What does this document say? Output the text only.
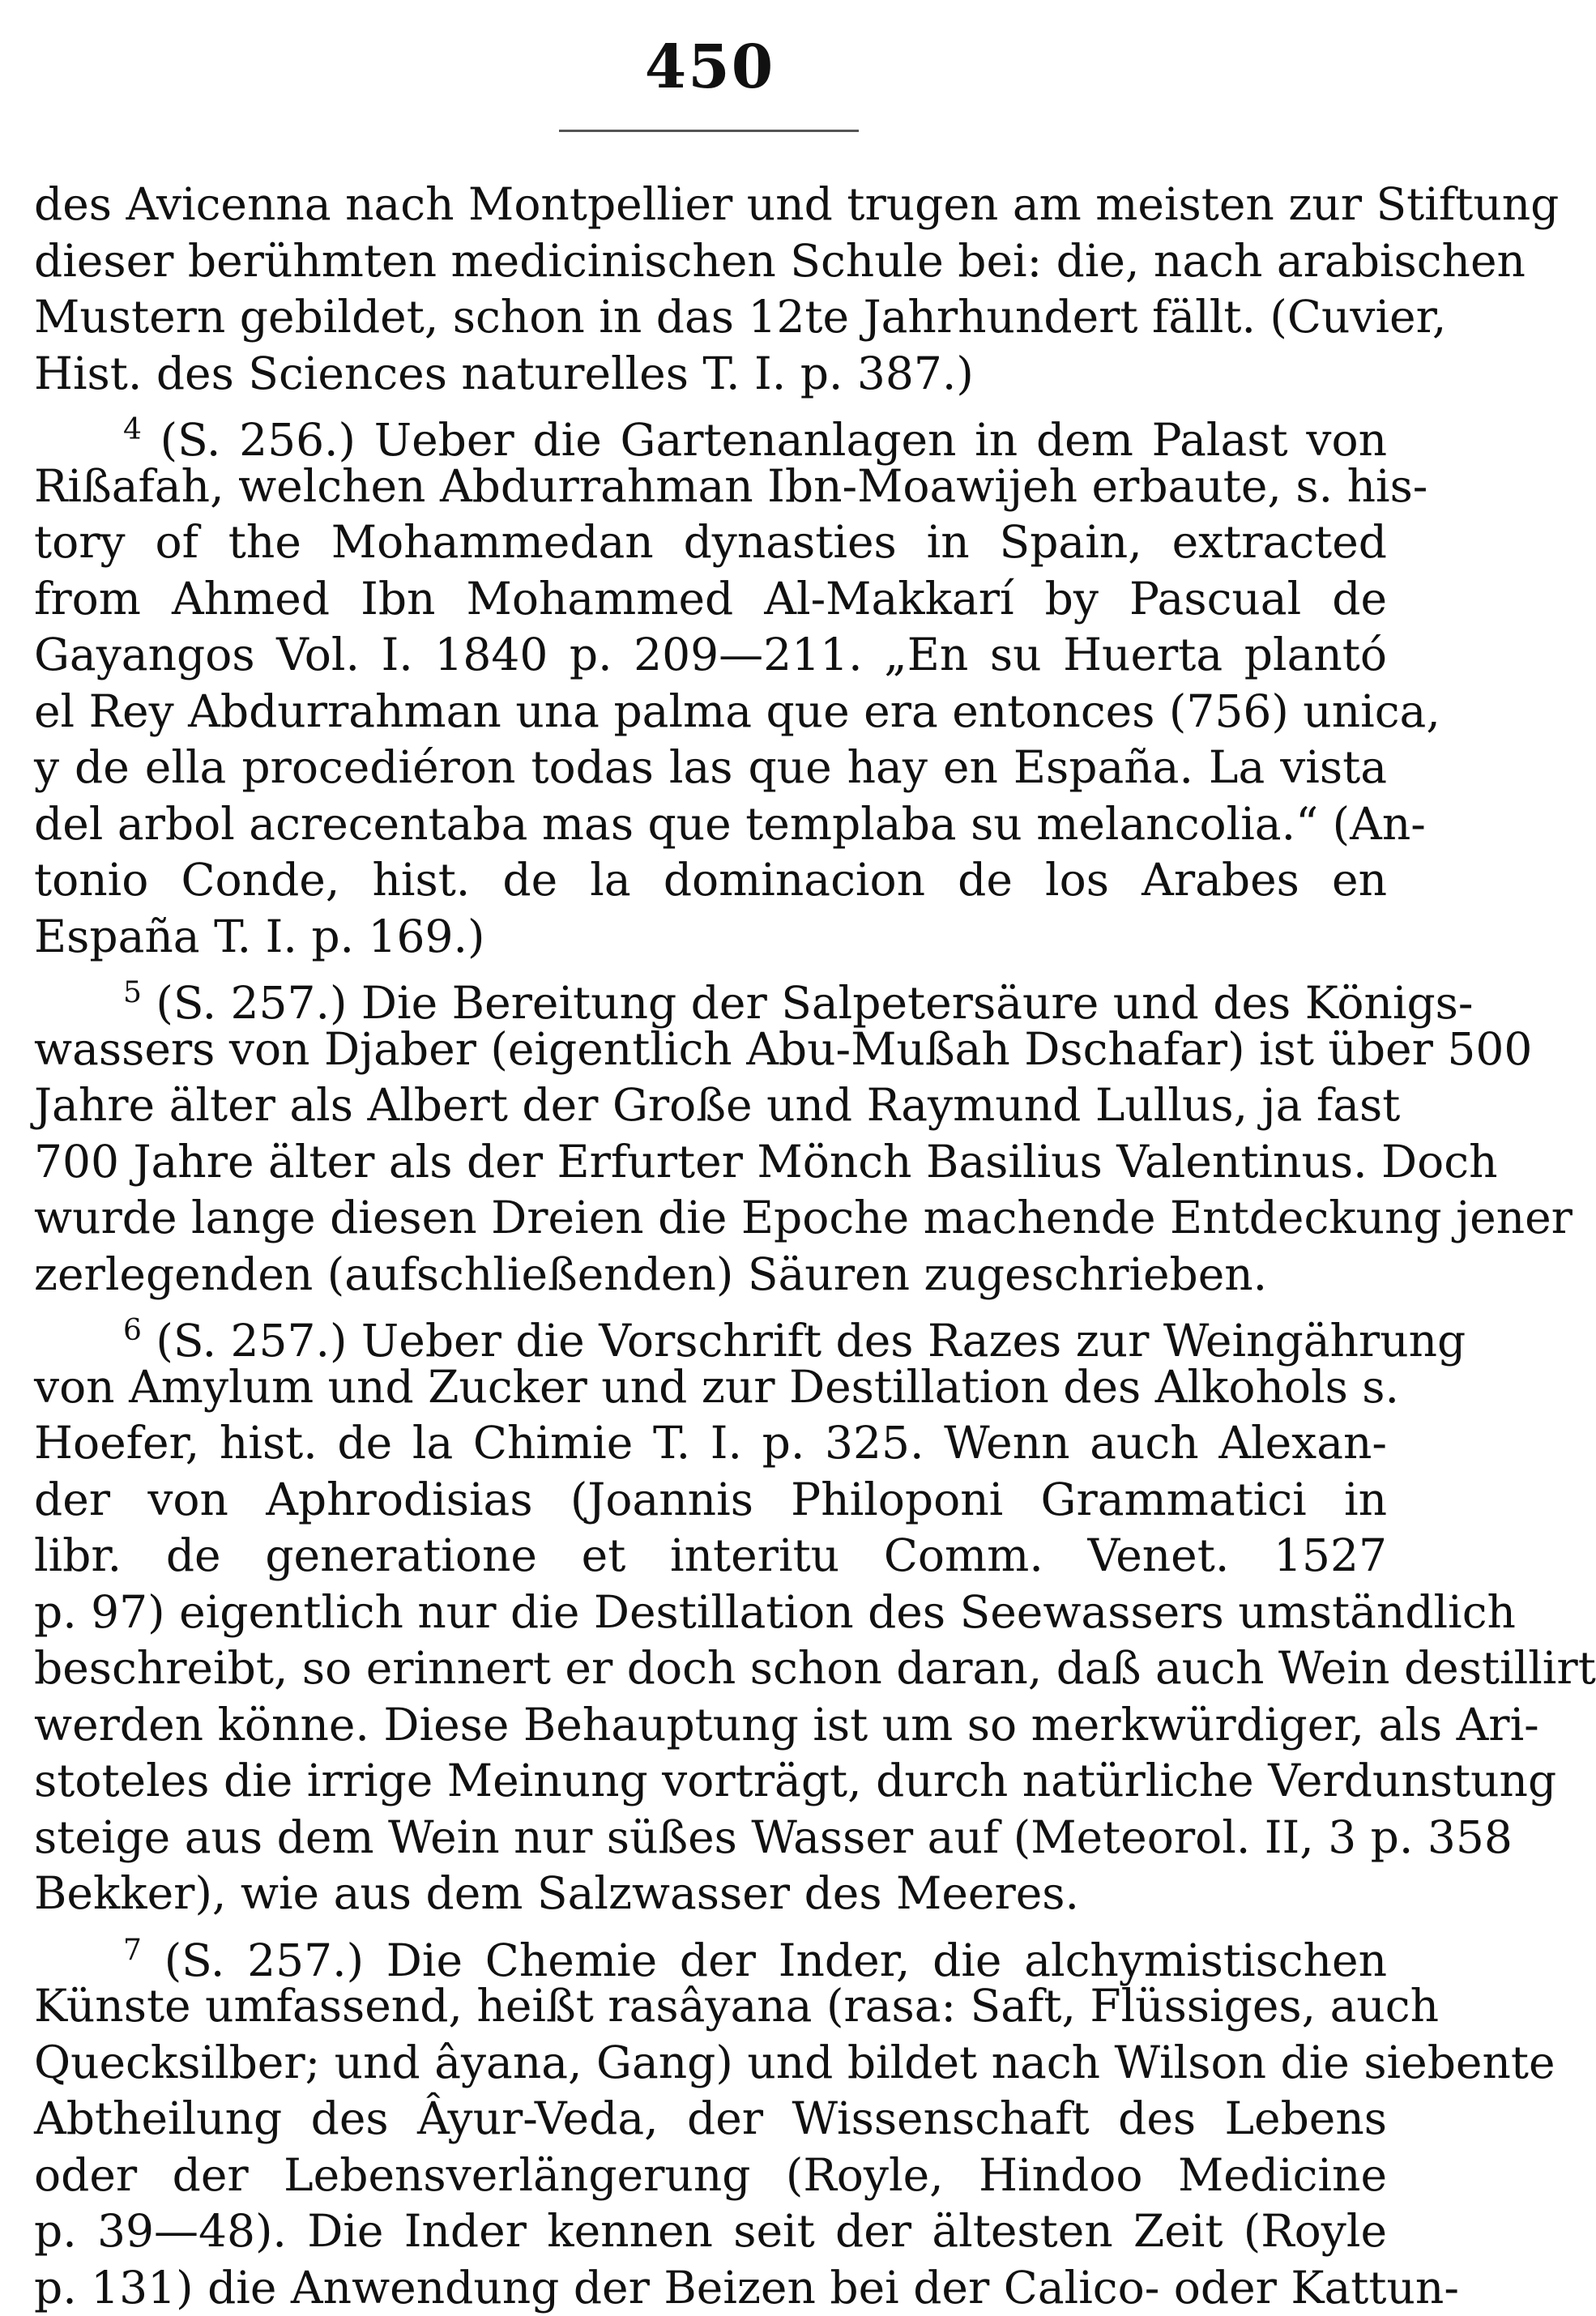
450
des Avicenna nach Montpellier und trugen am meisten zur Stiftung
dieser berühmten medicinischen Schule bei: die, nach arabischen
Mustern gebildet, schon in das 12te Jahrhundert fällt. (Cuvier,
Hist. des Sciences naturelles T. I. p. 387.)
$^4$ (S. 256.) Ueber die Gartenanlagen in dem Palast von
Rißafah, welchen Abdurrahman Ibn-Moawijeh erbaute, s. his-
tory of the Mohammedan dynasties in Spain, extracted
from Ahmed Ibn Mohammed Al-Makkarí by Pascual de
Gayangos Vol. I. 1840 p. 209—211. „En su Huerta plantó
el Rey Abdurrahman una palma que era entonces (756) unica,
y de ella procediéron todas las que hay en España. La vista
del arbol acrecentaba mas que templaba su melancolia.“ (An-
tonio Conde, hist. de la dominacion de los Arabes en
España T. I. p. 169.)
$^5$ (S. 257.) Die Bereitung der Salpetersäure und des Königs-
wassers von Djaber (eigentlich Abu-Mußah Dschafar) ist über 500
Jahre älter als Albert der Große und Raymund Lullus, ja fast
700 Jahre älter als der Erfurter Mönch Basilius Valentinus. Doch
wurde lange diesen Dreien die Epoche machende Entdeckung jener
zerlegenden (aufschließenden) Säuren zugeschrieben.
$^6$ (S. 257.) Ueber die Vorschrift des Razes zur Weingährung
von Amylum und Zucker und zur Destillation des Alkohols s.
Hoefer, hist. de la Chimie T. I. p. 325. Wenn auch Alexan-
der von Aphrodisias (Joannis Philoponi Grammatici in
libr. de generatione et interitu Comm. Venet. 1527
p. 97) eigentlich nur die Destillation des Seewassers umständlich
beschreibt, so erinnert er doch schon daran, daß auch Wein destillirt
werden könne. Diese Behauptung ist um so merkwürdiger, als Ari-
stoteles die irrige Meinung vorträgt, durch natürliche Verdunstung
steige aus dem Wein nur süßes Wasser auf (Meteorol. II, 3 p. 358
Bekker), wie aus dem Salzwasser des Meeres.
$^7$ (S. 257.) Die Chemie der Inder, die alchymistischen
Künste umfassend, heißt rasâyana (rasa: Saft, Flüssiges, auch
Quecksilber; und âyana, Gang) und bildet nach Wilson die siebente
Abtheilung des Âyur-Veda, der Wissenschaft des Lebens
oder der Lebensverlängerung (Royle, Hindoo Medicine
p. 39—48). Die Inder kennen seit der ältesten Zeit (Royle
p. 131) die Anwendung der Beizen bei der Calico- oder Kattun-
